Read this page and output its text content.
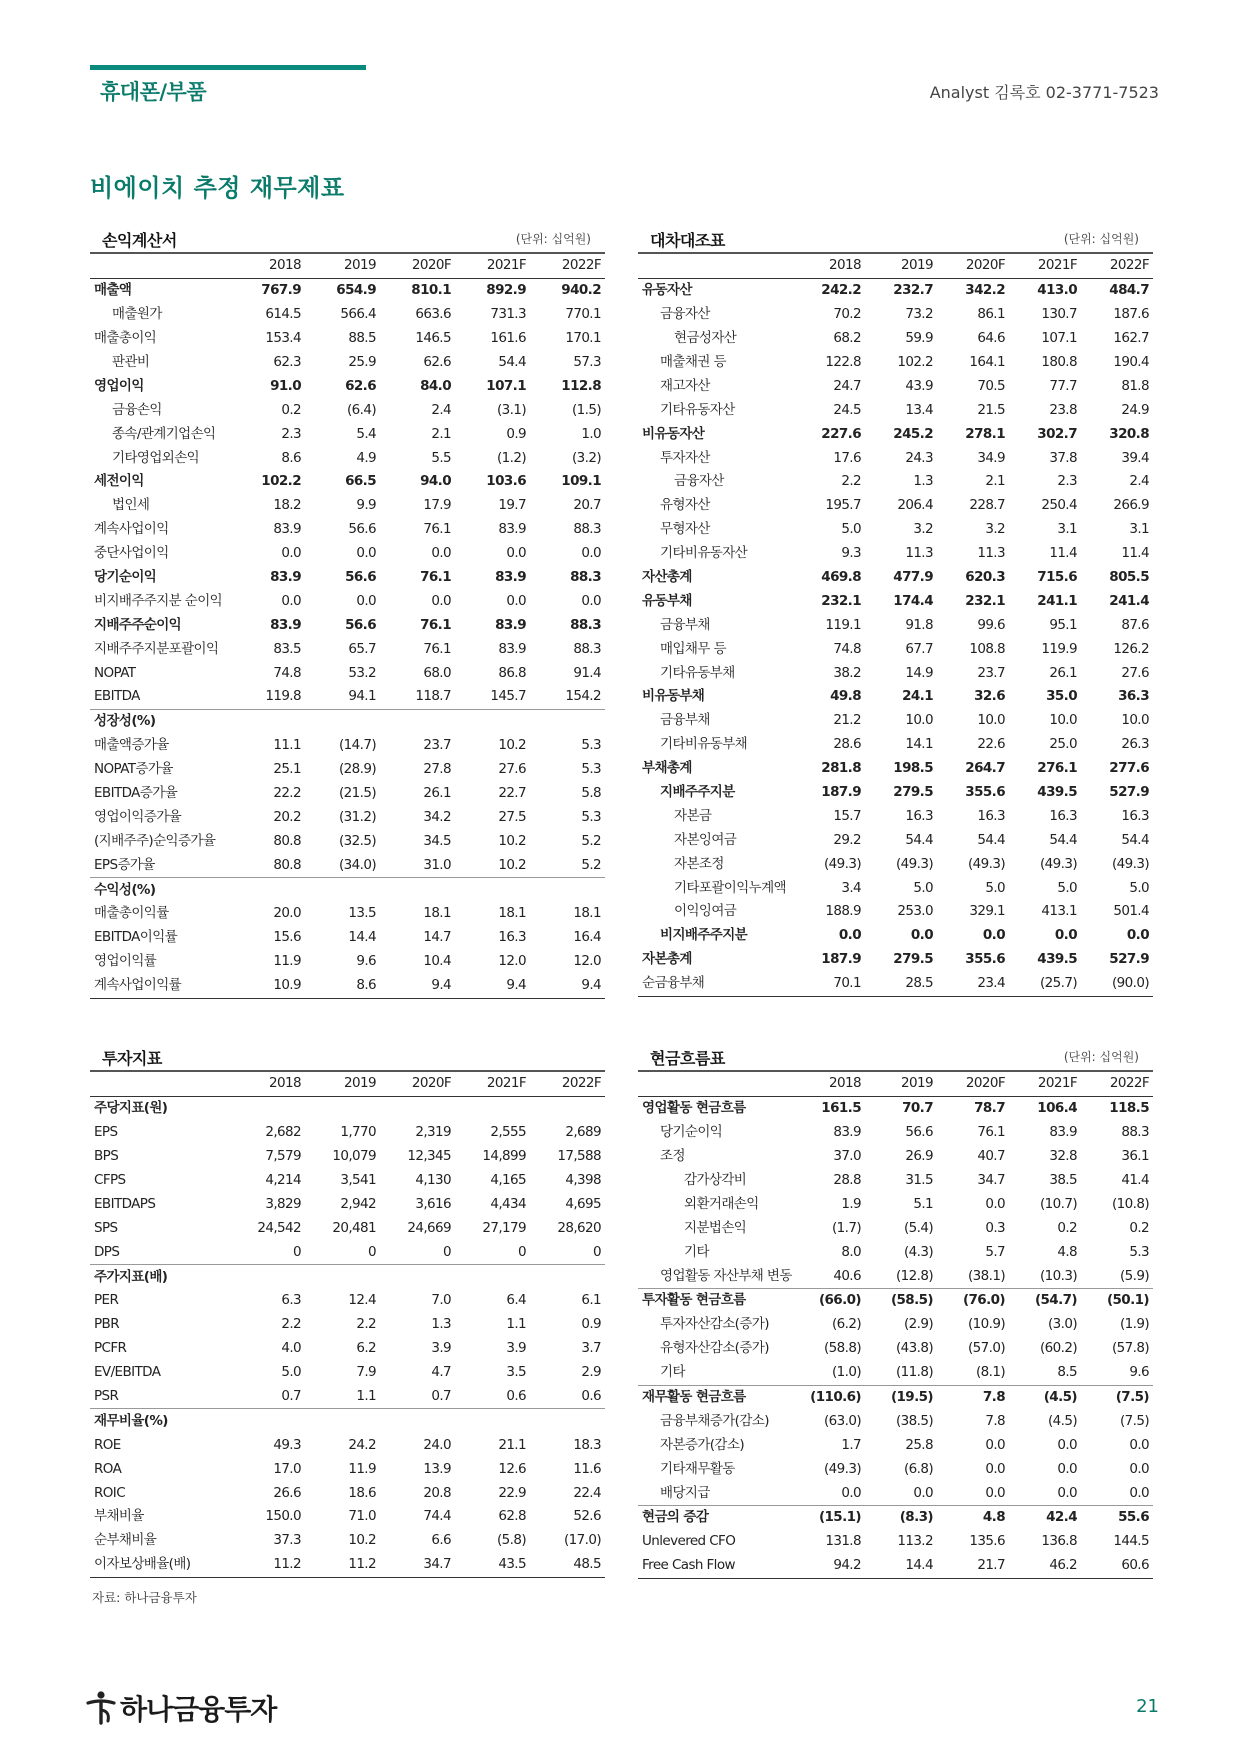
휴대폰/부품	Analyst 김록호 02-3771-7523
비에이치 추정 재무제표
손익계산서	(단위: 십억원)
	2018	2019	2020F	2021F	2022F
매출액	767.9	654.9	810.1	892.9	940.2
매출원가	614.5	566.4	663.6	731.3	770.1
매출총이익	153.4	88.5	146.5	161.6	170.1
판관비	62.3	25.9	62.6	54.4	57.3
영업이익	91.0	62.6	84.0	107.1	112.8
금융손익	0.2	(6.4)	2.4	(3.1)	(1.5)
종속/관계기업손익	2.3	5.4	2.1	0.9	1.0
기타영업외손익	8.6	4.9	5.5	(1.2)	(3.2)
세전이익	102.2	66.5	94.0	103.6	109.1
법인세	18.2	9.9	17.9	19.7	20.7
계속사업이익	83.9	56.6	76.1	83.9	88.3
중단사업이익	0.0	0.0	0.0	0.0	0.0
당기순이익	83.9	56.6	76.1	83.9	88.3
비지배주주지분 순이익	0.0	0.0	0.0	0.0	0.0
지배주주순이익	83.9	56.6	76.1	83.9	88.3
지배주주지분포괄이익	83.5	65.7	76.1	83.9	88.3
NOPAT	74.8	53.2	68.0	86.8	91.4
EBITDA	119.8	94.1	118.7	145.7	154.2
성장성(%)					
매출액증가율	11.1	(14.7)	23.7	10.2	5.3
NOPAT증가율	25.1	(28.9)	27.8	27.6	5.3
EBITDA증가율	22.2	(21.5)	26.1	22.7	5.8
영업이익증가율	20.2	(31.2)	34.2	27.5	5.3
(지배주주)순익증가율	80.8	(32.5)	34.5	10.2	5.2
EPS증가율	80.8	(34.0)	31.0	10.2	5.2
수익성(%)					
매출총이익률	20.0	13.5	18.1	18.1	18.1
EBITDA이익률	15.6	14.4	14.7	16.3	16.4
영업이익률	11.9	9.6	10.4	12.0	12.0
계속사업이익률	10.9	8.6	9.4	9.4	9.4
대차대조표	(단위: 십억원)
	2018	2019	2020F	2021F	2022F
유동자산	242.2	232.7	342.2	413.0	484.7
금융자산	70.2	73.2	86.1	130.7	187.6
현금성자산	68.2	59.9	64.6	107.1	162.7
매출채권 등	122.8	102.2	164.1	180.8	190.4
재고자산	24.7	43.9	70.5	77.7	81.8
기타유동자산	24.5	13.4	21.5	23.8	24.9
비유동자산	227.6	245.2	278.1	302.7	320.8
투자자산	17.6	24.3	34.9	37.8	39.4
금융자산	2.2	1.3	2.1	2.3	2.4
유형자산	195.7	206.4	228.7	250.4	266.9
무형자산	5.0	3.2	3.2	3.1	3.1
기타비유동자산	9.3	11.3	11.3	11.4	11.4
자산총계	469.8	477.9	620.3	715.6	805.5
유동부채	232.1	174.4	232.1	241.1	241.4
금융부채	119.1	91.8	99.6	95.1	87.6
매입채무 등	74.8	67.7	108.8	119.9	126.2
기타유동부채	38.2	14.9	23.7	26.1	27.6
비유동부채	49.8	24.1	32.6	35.0	36.3
금융부채	21.2	10.0	10.0	10.0	10.0
기타비유동부채	28.6	14.1	22.6	25.0	26.3
부채총계	281.8	198.5	264.7	276.1	277.6
지배주주지분	187.9	279.5	355.6	439.5	527.9
자본금	15.7	16.3	16.3	16.3	16.3
자본잉여금	29.2	54.4	54.4	54.4	54.4
자본조정	(49.3)	(49.3)	(49.3)	(49.3)	(49.3)
기타포괄이익누계액	3.4	5.0	5.0	5.0	5.0
이익잉여금	188.9	253.0	329.1	413.1	501.4
비지배주주지분	0.0	0.0	0.0	0.0	0.0
자본총계	187.9	279.5	355.6	439.5	527.9
순금융부채	70.1	28.5	23.4	(25.7)	(90.0)
투자지표
	2018	2019	2020F	2021F	2022F
주당지표(원)					
EPS	2,682	1,770	2,319	2,555	2,689
BPS	7,579	10,079	12,345	14,899	17,588
CFPS	4,214	3,541	4,130	4,165	4,398
EBITDAPS	3,829	2,942	3,616	4,434	4,695
SPS	24,542	20,481	24,669	27,179	28,620
DPS	0	0	0	0	0
주가지표(배)					
PER	6.3	12.4	7.0	6.4	6.1
PBR	2.2	2.2	1.3	1.1	0.9
PCFR	4.0	6.2	3.9	3.9	3.7
EV/EBITDA	5.0	7.9	4.7	3.5	2.9
PSR	0.7	1.1	0.7	0.6	0.6
재무비율(%)					
ROE	49.3	24.2	24.0	21.1	18.3
ROA	17.0	11.9	13.9	12.6	11.6
ROIC	26.6	18.6	20.8	22.9	22.4
부채비율	150.0	71.0	74.4	62.8	52.6
순부채비율	37.3	10.2	6.6	(5.8)	(17.0)
이자보상배율(배)	11.2	11.2	34.7	43.5	48.5
현금흐름표	(단위: 십억원)
	2018	2019	2020F	2021F	2022F
영업활동 현금흐름	161.5	70.7	78.7	106.4	118.5
당기순이익	83.9	56.6	76.1	83.9	88.3
조정	37.0	26.9	40.7	32.8	36.1
감가상각비	28.8	31.5	34.7	38.5	41.4
외환거래손익	1.9	5.1	0.0	(10.7)	(10.8)
지분법손익	(1.7)	(5.4)	0.3	0.2	0.2
기타	8.0	(4.3)	5.7	4.8	5.3
영업활동 자산부채 변동	40.6	(12.8)	(38.1)	(10.3)	(5.9)
투자활동 현금흐름	(66.0)	(58.5)	(76.0)	(54.7)	(50.1)
투자자산감소(증가)	(6.2)	(2.9)	(10.9)	(3.0)	(1.9)
유형자산감소(증가)	(58.8)	(43.8)	(57.0)	(60.2)	(57.8)
기타	(1.0)	(11.8)	(8.1)	8.5	9.6
재무활동 현금흐름	(110.6)	(19.5)	7.8	(4.5)	(7.5)
금융부채증가(감소)	(63.0)	(38.5)	7.8	(4.5)	(7.5)
자본증가(감소)	1.7	25.8	0.0	0.0	0.0
기타재무활동	(49.3)	(6.8)	0.0	0.0	0.0
배당지급	0.0	0.0	0.0	0.0	0.0
현금의 증감	(15.1)	(8.3)	4.8	42.4	55.6
Unlevered CFO	131.8	113.2	135.6	136.8	144.5
Free Cash Flow	94.2	14.4	21.7	46.2	60.6
자료: 하나금융투자
하나금융투자	21
